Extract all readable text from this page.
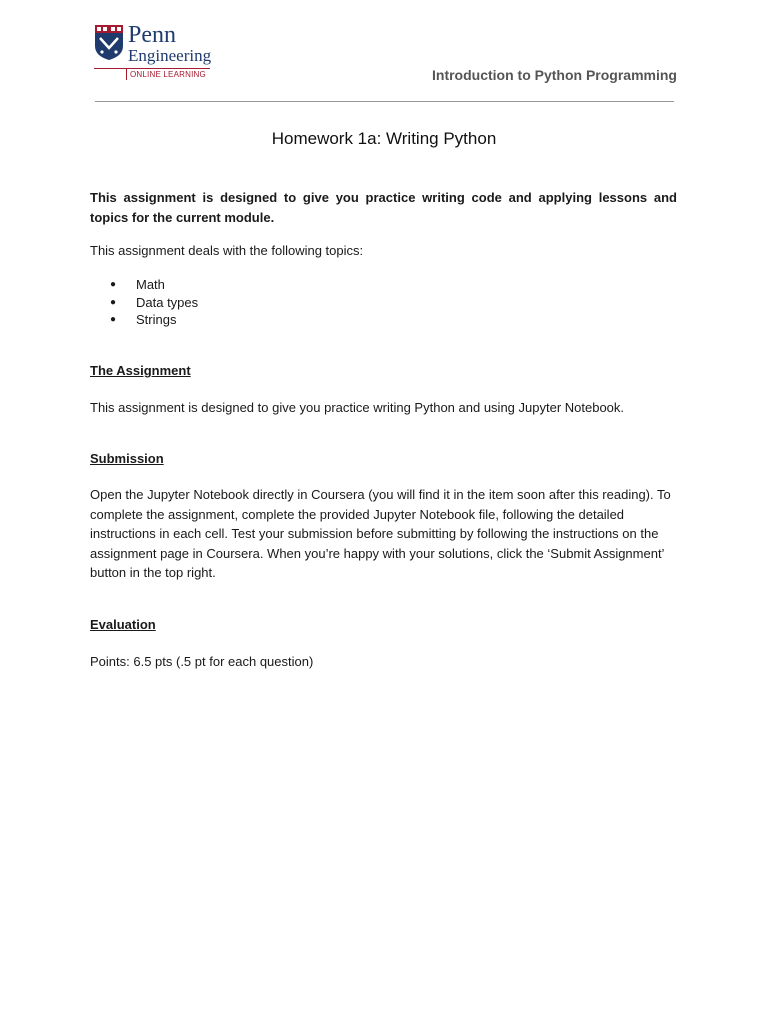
Penn
Engineering
ONLINE LEARNING	Introduction to Python Programming
Homework 1a: Writing Python
This assignment is designed to give you practice writing code and applying lessons and topics for the current module.
This assignment deals with the following topics:
● Math
● Data types
● Strings
The Assignment
This assignment is designed to give you practice writing Python and using Jupyter Notebook.
Submission
Open the Jupyter Notebook directly in Coursera (you will find it in the item soon after this reading). To complete the assignment, complete the provided Jupyter Notebook file, following the detailed instructions in each cell. Test your submission before submitting by following the instructions on the assignment page in Coursera. When you’re happy with your solutions, click the ‘Submit Assignment’ button in the top right.
Evaluation
Points: 6.5 pts (.5 pt for each question)
